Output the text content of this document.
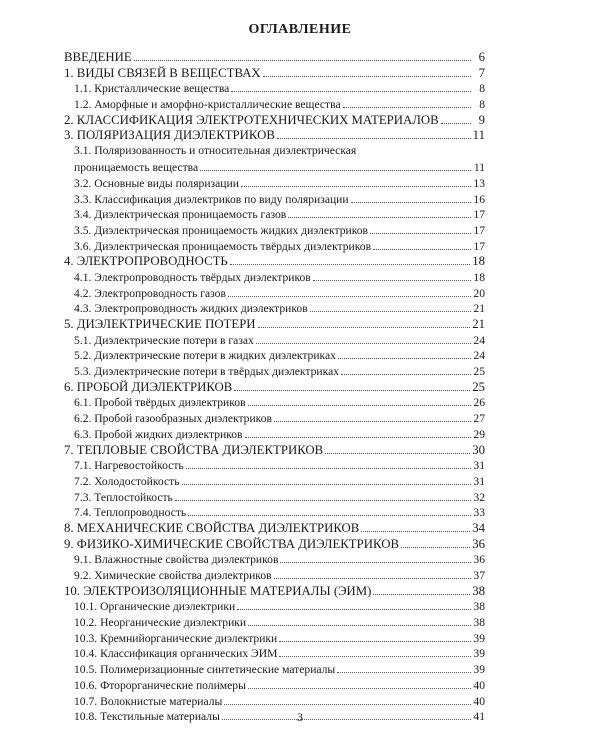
ОГЛАВЛЕНИЕ
ВВЕДЕНИЕ	6
1. ВИДЫ СВЯЗЕЙ В ВЕЩЕСТВАХ	7
1.1. Кристаллические вещества	8
1.2. Аморфные и аморфно-кристаллические вещества	8
2. КЛАССИФИКАЦИЯ ЭЛЕКТРОТЕХНИЧЕСКИХ МАТЕРИАЛОВ	9
3. ПОЛЯРИЗАЦИЯ ДИЭЛЕКТРИКОВ	11
3.1. Поляризованность и относительная диэлектрическая
проницаемость вещества	11
3.2. Основные виды поляризации	13
3.3. Классификация диэлектриков по виду поляризации	16
3.4. Диэлектрическая проницаемость газов	17
3.5. Диэлектрическая проницаемость жидких диэлектриков	17
3.6. Диэлектрическая проницаемость твёрдых диэлектриков	17
4. ЭЛЕКТРОПРОВОДНОСТЬ	18
4.1. Электропроводность твёрдых диэлектриков	18
4.2. Электропроводность газов	20
4.3. Электропроводность жидких диэлектриков	21
5. ДИЭЛЕКТРИЧЕСКИЕ ПОТЕРИ	21
5.1. Диэлектрические потери в газах	24
5.2. Диэлектрические потери в жидких диэлектриках	24
5.3. Диэлектрические потери в твёрдых диэлектриках	25
6. ПРОБОЙ ДИЭЛЕКТРИКОВ	25
6.1. Пробой твёрдых диэлектриков	26
6.2. Пробой газообразных диэлектриков	27
6.3. Пробой жидких диэлектриков	29
7. ТЕПЛОВЫЕ СВОЙСТВА ДИЭЛЕКТРИКОВ	30
7.1. Нагревостойкость	31
7.2. Холодостойкость	31
7.3. Теплостойкость	32
7.4. Теплопроводность	33
8. МЕХАНИЧЕСКИЕ СВОЙСТВА ДИЭЛЕКТРИКОВ	34
9. ФИЗИКО-ХИМИЧЕСКИЕ СВОЙСТВА ДИЭЛЕКТРИКОВ	36
9.1. Влажностные свойства диэлектриков	36
9.2. Химические свойства диэлектриков	37
10. ЭЛЕКТРОИЗОЛЯЦИОННЫЕ МАТЕРИАЛЫ (ЭИМ)	38
10.1. Органические диэлектрики	38
10.2. Неорганические диэлектрики	38
10.3. Кремнийорганические диэлектрики	39
10.4. Классификация органических ЭИМ	39
10.5. Полимеризационные синтетические материалы	39
10.6. Фторорганические полимеры	40
10.7. Волокнистые материалы	40
10.8. Текстильные материалы	41
3
